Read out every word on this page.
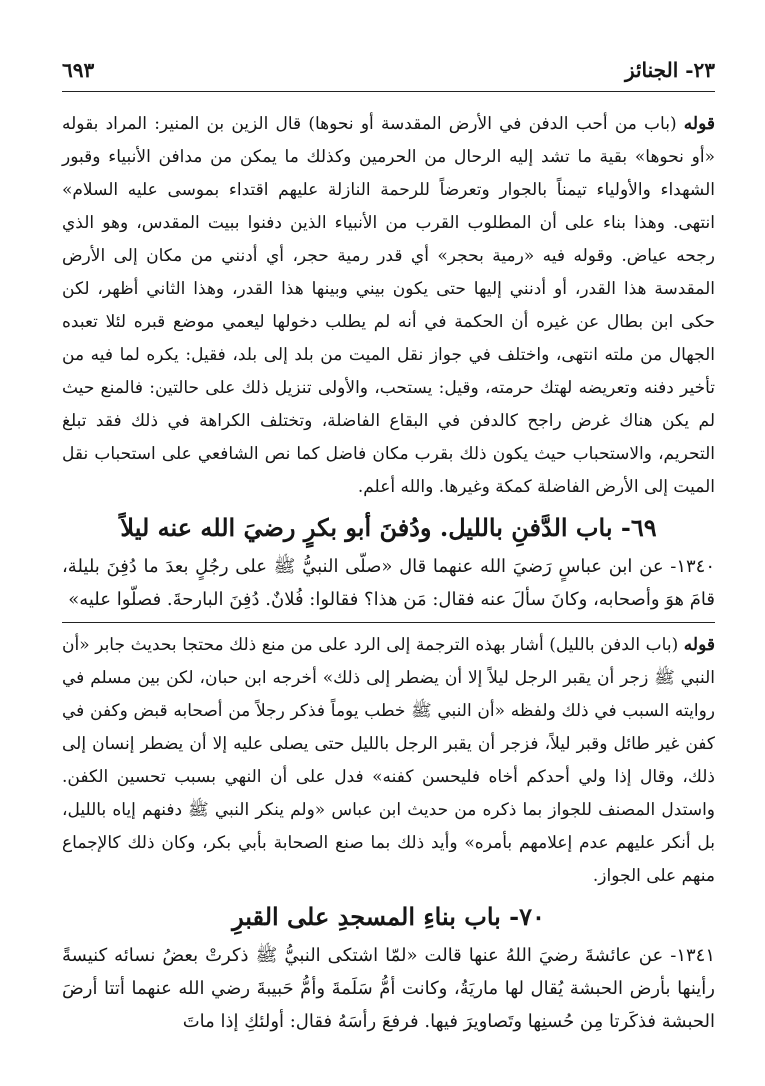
٢٣- الجنائز
٦٩٣

قوله (باب من أحب الدفن في الأرض المقدسة أو نحوها) قال الزين بن المنير: المراد بقوله «أو نحوها» بقية ما تشد إليه الرحال من الحرمين وكذلك ما يمكن من مدافن الأنبياء وقبور الشهداء والأولياء تيمناً بالجوار وتعرضاً للرحمة النازلة عليهم اقتداء بموسى عليه السلام» انتهى. وهذا بناء على أن المطلوب القرب من الأنبياء الذين دفنوا ببيت المقدس، وهو الذي رجحه عياض. وقوله فيه «رمية بحجر» أي قدر رمية حجر، أي أدنني من مكان إلى الأرض المقدسة هذا القدر، أو أدنني إليها حتى يكون بيني وبينها هذا القدر، وهذا الثاني أظهر، لكن حكى ابن بطال عن غيره أن الحكمة في أنه لم يطلب دخولها ليعمي موضع قبره لئلا تعبده الجهال من ملته انتهى، واختلف في جواز نقل الميت من بلد إلى بلد، فقيل: يكره لما فيه من تأخير دفنه وتعريضه لهتك حرمته، وقيل: يستحب، والأولى تنزيل ذلك على حالتين: فالمنع حيث لم يكن هناك غرض راجح كالدفن في البقاع الفاضلة، وتختلف الكراهة في ذلك فقد تبلغ التحريم، والاستحباب حيث يكون ذلك بقرب مكان فاضل كما نص الشافعي على استحباب نقل الميت إلى الأرض الفاضلة كمكة وغيرها. والله أعلم.

٦٩- باب الدَّفنِ بالليل. ودُفنَ أبو بكرٍ رضيَ الله عنه ليلاً

١٣٤٠- عن ابن عباسٍ رَضيَ الله عنهما قال «صلّى النبيُّ ﷺ على رجُلٍ بعدَ ما دُفِنَ بليلة، قامَ هوَ وأصحابه، وكانَ سألَ عنه فقال: مَن هذا؟ فقالوا: فُلانٌ. دُفِنَ البارحةَ. فصلّوا عليه»

قوله (باب الدفن بالليل) أشار بهذه الترجمة إلى الرد على من منع ذلك محتجا بحديث جابر «أن النبي ﷺ زجر أن يقبر الرجل ليلاً إلا أن يضطر إلى ذلك» أخرجه ابن حبان، لكن بين مسلم في روايته السبب في ذلك ولفظه «أن النبي ﷺ خطب يوماً فذكر رجلاً من أصحابه قبض وكفن في كفن غير طائل وقبر ليلاً، فزجر أن يقبر الرجل بالليل حتى يصلى عليه إلا أن يضطر إنسان إلى ذلك، وقال إذا ولي أحدكم أخاه فليحسن كفنه» فدل على أن النهي بسبب تحسين الكفن. واستدل المصنف للجواز بما ذكره من حديث ابن عباس «ولم ينكر النبي ﷺ دفنهم إياه بالليل، بل أنكر عليهم عدم إعلامهم بأمره» وأيد ذلك بما صنع الصحابة بأبي بكر، وكان ذلك كالإجماع منهم على الجواز.

٧٠- باب بناءِ المسجدِ على القبرِ

١٣٤١- عن عائشةَ رضيَ اللهُ عنها قالت «لمّا اشتكى النبيُّ ﷺ ذكرتْ بعضُ نسائه كنيسةً رأينها بأرض الحبشة يُقال لها ماريَةُ، وكانت أمُّ سَلَمةَ وأمُّ حَبيبةَ رضي الله عنهما أتتا أرضَ الحبشة فذكَرتا مِن حُسنِها وتَصاويرَ فيها. فرفعَ رأسَهُ فقال: أولئكِ إذا ماتَ
